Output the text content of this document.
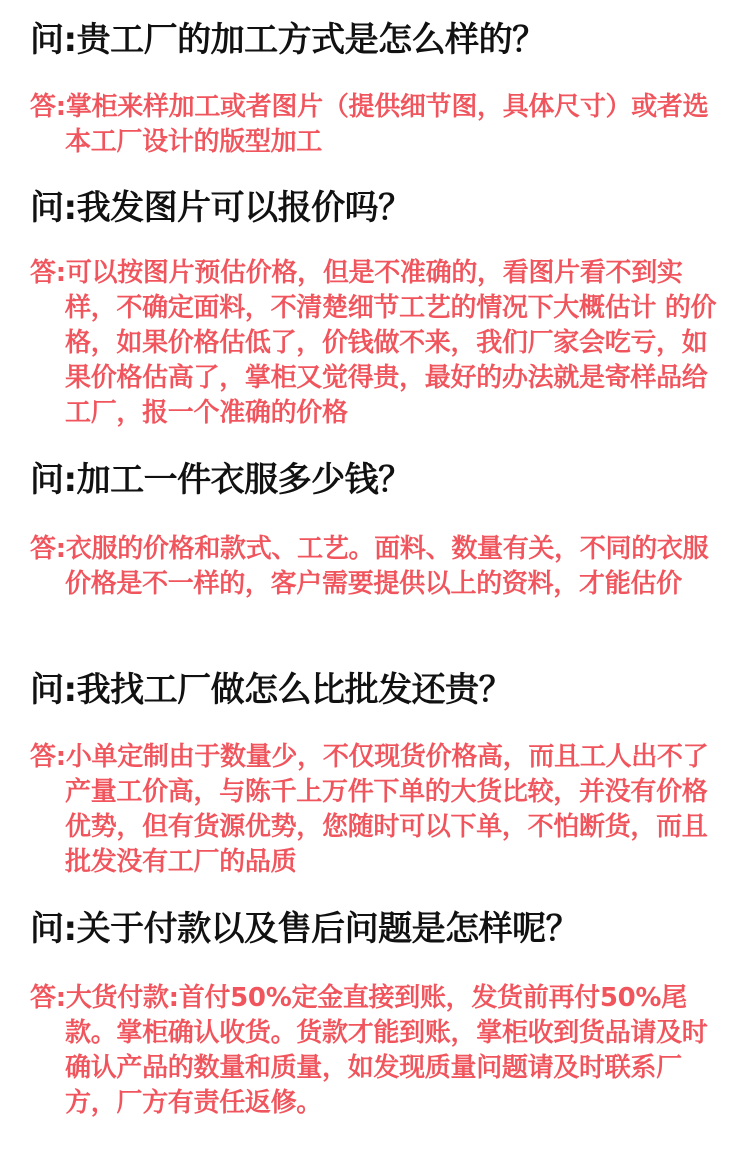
问:贵工厂的加工方式是怎么样的？

答:掌柜来样加工或者图片（提供细节图，具体尺寸）或者选本工厂设计的版型加工

问:我发图片可以报价吗？

答:可以按图片预估价格，但是不准确的，看图片看不到实样，不确定面料，不清楚细节工艺的情况下大概估计 的价格，如果价格估低了，价钱做不来，我们厂家会吃亏，如果价格估高了，掌柜又觉得贵，最好的办法就是寄样品给工厂，报一个准确的价格

问:加工一件衣服多少钱？

答:衣服的价格和款式、工艺。面料、数量有关，不同的衣服价格是不一样的，客户需要提供以上的资料，才能估价

问:我找工厂做怎么比批发还贵？

答:小单定制由于数量少，不仅现货价格高，而且工人出不了产量工价高，与陈千上万件下单的大货比较，并没有价格优势，但有货源优势，您随时可以下单，不怕断货，而且批发没有工厂的品质

问:关于付款以及售后问题是怎样呢？

答:大货付款:首付50%定金直接到账，发货前再付50%尾款。掌柜确认收货。货款才能到账，掌柜收到货品请及时确认产品的数量和质量，如发现质量问题请及时联系厂方，厂方有责任返修。
